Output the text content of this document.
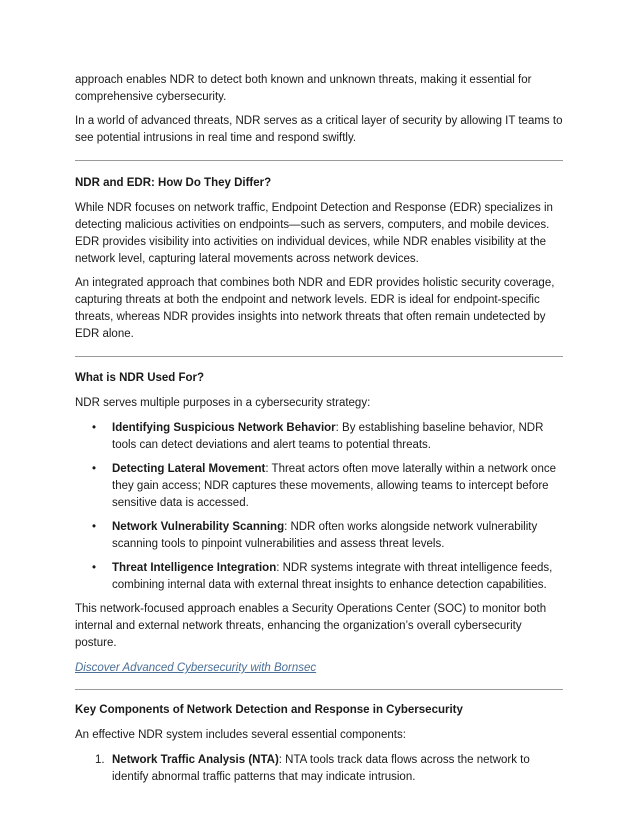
approach enables NDR to detect both known and unknown threats, making it essential for comprehensive cybersecurity.

In a world of advanced threats, NDR serves as a critical layer of security by allowing IT teams to see potential intrusions in real time and respond swiftly.

NDR and EDR: How Do They Differ?

While NDR focuses on network traffic, Endpoint Detection and Response (EDR) specializes in detecting malicious activities on endpoints—such as servers, computers, and mobile devices. EDR provides visibility into activities on individual devices, while NDR enables visibility at the network level, capturing lateral movements across network devices.

An integrated approach that combines both NDR and EDR provides holistic security coverage, capturing threats at both the endpoint and network levels. EDR is ideal for endpoint-specific threats, whereas NDR provides insights into network threats that often remain undetected by EDR alone.

What is NDR Used For?

NDR serves multiple purposes in a cybersecurity strategy:

• Identifying Suspicious Network Behavior: By establishing baseline behavior, NDR tools can detect deviations and alert teams to potential threats.
• Detecting Lateral Movement: Threat actors often move laterally within a network once they gain access; NDR captures these movements, allowing teams to intercept before sensitive data is accessed.
• Network Vulnerability Scanning: NDR often works alongside network vulnerability scanning tools to pinpoint vulnerabilities and assess threat levels.
• Threat Intelligence Integration: NDR systems integrate with threat intelligence feeds, combining internal data with external threat insights to enhance detection capabilities.

This network-focused approach enables a Security Operations Center (SOC) to monitor both internal and external network threats, enhancing the organization’s overall cybersecurity posture.

Discover Advanced Cybersecurity with Bornsec

Key Components of Network Detection and Response in Cybersecurity

An effective NDR system includes several essential components:

1. Network Traffic Analysis (NTA): NTA tools track data flows across the network to identify abnormal traffic patterns that may indicate intrusion.
